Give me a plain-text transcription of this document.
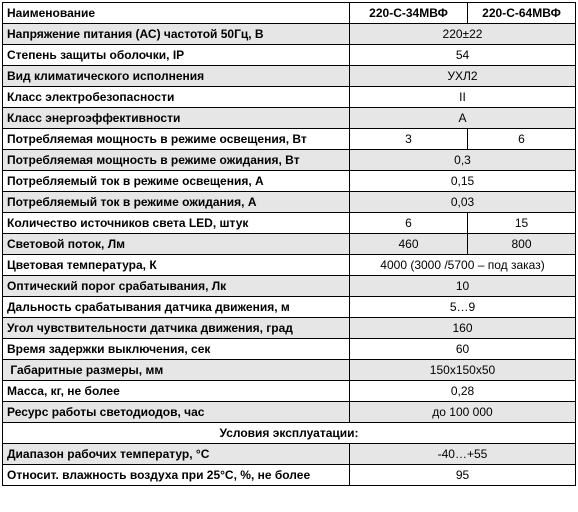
Наименование	220-С-34МВФ	220-С-64МВФ
Напряжение питания (АС) частотой 50Гц, В	220±22	
Степень защиты оболочки, IP	54	
Вид климатического исполнения	УХЛ2	
Класс электробезопасности	II	
Класс энергоэффективности	А	
Потребляемая мощность в режиме освещения, Вт	3	6
Потребляемая мощность в режиме ожидания, Вт	0,3	
Потребляемый ток в режиме освещения, А	0,15	
Потребляемый ток в режиме ожидания, А	0,03	
Количество источников света LED, штук	6	15
Световой поток, Лм	460	800
Цветовая температура, К	4000 (3000 /5700 – под заказ)	
Оптический порог срабатывания, Лк	10	
Дальность срабатывания датчика движения, м	5…9	
Угол чувствительности датчика движения, град	160	
Время задержки выключения, сек	60	
Габаритные размеры, мм	150х150х50	
Масса, кг, не более	0,28	
Ресурс работы светодиодов, час	до 100 000	
Условия эксплуатации:		
Диапазон рабочих температур, °С	-40…+55	
Относит. влажность воздуха при 25°С, %, не более	95	
